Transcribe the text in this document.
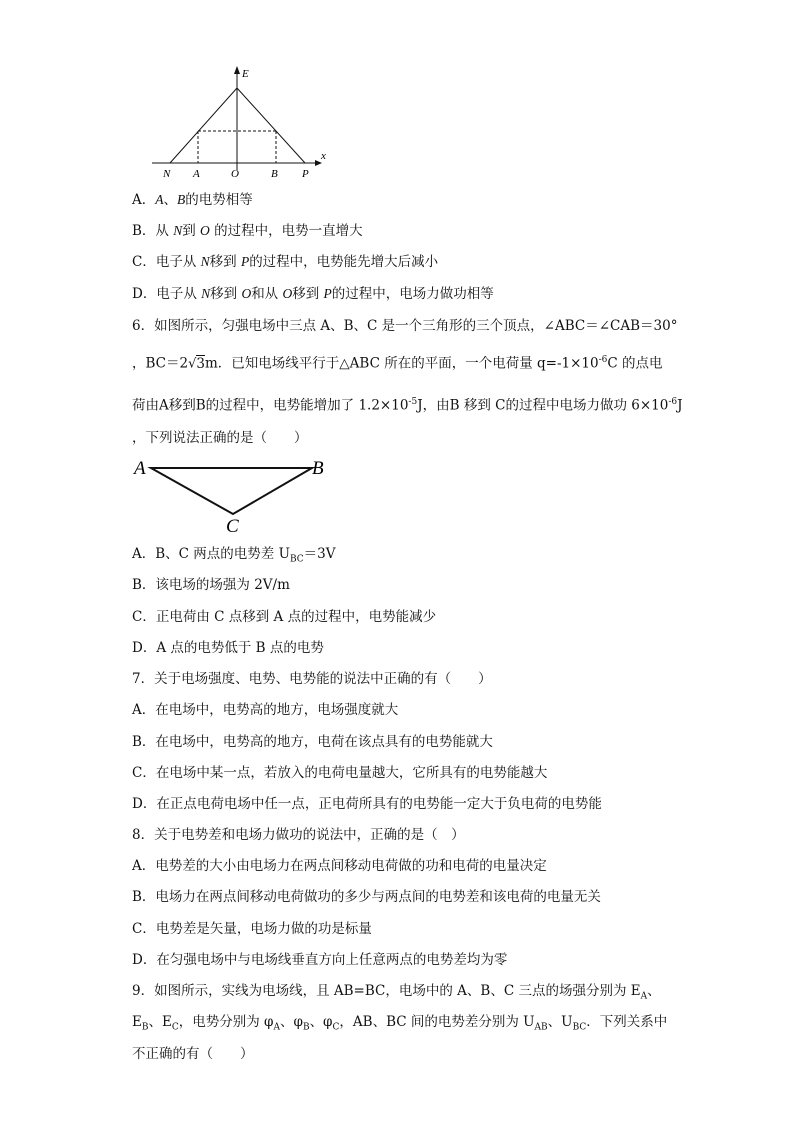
E
x
N A	O	B P
A．A、B的电势相等
B．从 N到 O 的过程中，电势一直增大
C．电子从 N移到 P的过程中，电势能先增大后减小
D．电子从 N移到 O和从 O移到 P的过程中，电场力做功相等
6．如图所示，匀强电场中三点 A、B、C 是一个三角形的三个顶点，∠ABC＝∠CAB＝30°
，BC＝2√3m．已知电场线平行于△ABC 所在的平面，一个电荷量 $q=-1\times 10^{-6}C$ 的点电
荷由A移到B的过程中，电势能增加了 $1.2\times 10^{-5}J$，由B 移到 C的过程中电场力做功 $6\times 10^{-6}J$
，下列说法正确的是（　　）
A	B
C
A．B、C 两点的电势差 $U_{BC}=3V$
B．该电场的场强为 2V/m
C．正电荷由 C 点移到 A 点的过程中，电势能减少
D．A 点的电势低于 B 点的电势
7．关于电场强度、电势、电势能的说法中正确的有（　　）
A．在电场中，电势高的地方，电场强度就大
B．在电场中，电势高的地方，电荷在该点具有的电势能就大
C．在电场中某一点，若放入的电荷电量越大，它所具有的电势能越大
D．在正点电荷电场中任一点，正电荷所具有的电势能一定大于负电荷的电势能
8．关于电势差和电场力做功的说法中，正确的是（　）
A．电势差的大小由电场力在两点间移动电荷做的功和电荷的电量决定
B．电场力在两点间移动电荷做功的多少与两点间的电势差和该电荷的电量无关
C．电势差是矢量，电场力做的功是标量
D．在匀强电场中与电场线垂直方向上任意两点的电势差均为零
9．如图所示，实线为电场线，且 AB=BC，电场中的 A、B、C 三点的场强分别为 $E_A$、
$E_B$、$E_C$，电势分别为 $\varphi_A$、$\varphi_B$、$\varphi_C$，AB、BC 间的电势差分别为 $U_{AB}$、$U_{BC}$．下列关系中
不正确的有（　　）
